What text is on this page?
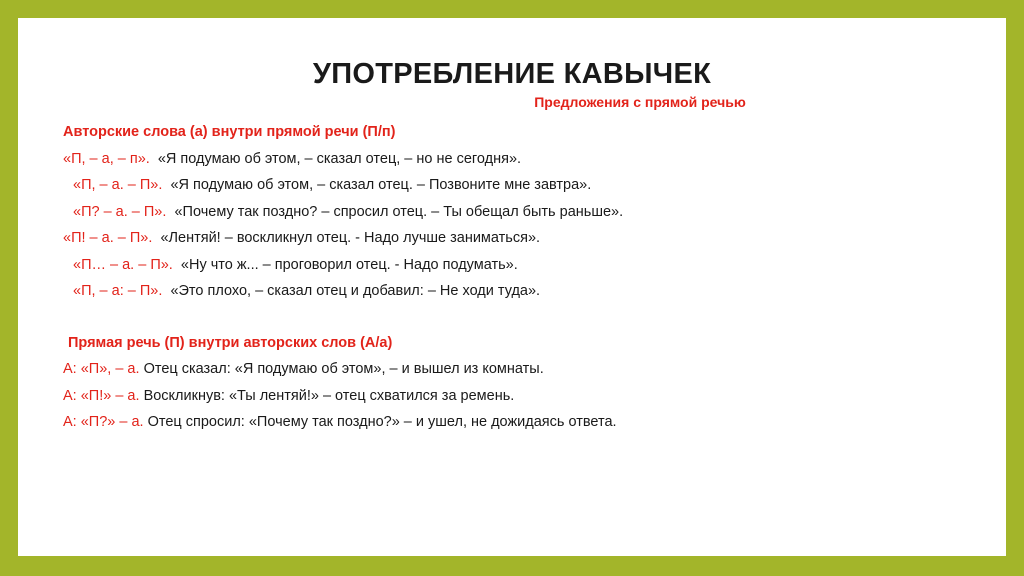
УПОТРЕБЛЕНИЕ КАВЫЧЕК
Предложения с прямой речью
Авторские слова (а) внутри прямой речи (П/п)
«П, – а, – п». «Я подумаю об этом, – сказал отец, – но не сегодня».
«П, – а. – П». «Я подумаю об этом, – сказал отец. – Позвоните мне завтра».
«П? – а. – П». «Почему так поздно? – спросил отец. – Ты обещал быть раньше».
«П! – а. – П». «Лентяй! – воскликнул отец. - Надо лучше заниматься».
«П… – а. – П». «Ну что ж... – проговорил отец. - Надо подумать».
«П, – а: – П». «Это плохо, – сказал отец и добавил: – Не ходи туда».
Прямая речь (П) внутри авторских слов (А/а)
А: «П», – а. Отец сказал: «Я подумаю об этом», – и вышел из комнаты.
А: «П!» – а. Воскликнув: «Ты лентяй!» – отец схватился за ремень.
А: «П?» – а. Отец спросил: «Почему так поздно?» – и ушел, не дожидаясь ответа.
